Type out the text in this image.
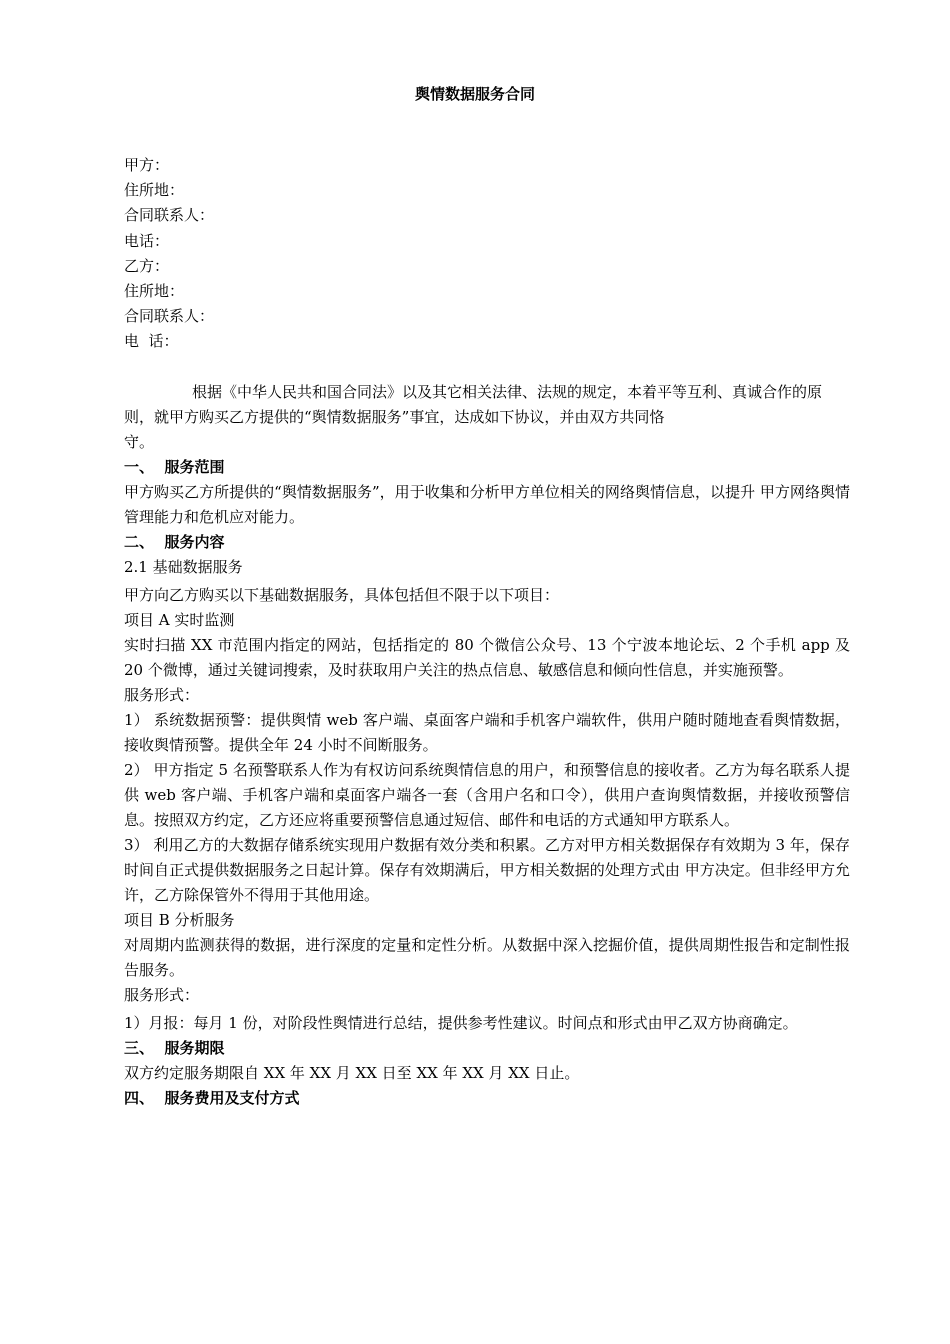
舆情数据服务合同

甲方：

住所地：

合同联系人：

电话：

乙方：

住所地：

合同联系人：

电  话：

根据《中华人民共和国合同法》以及其它相关法律、法规的规定，本着平等互利、真诚合作的原则，就甲方购买乙方提供的“舆情数据服务”事宜，达成如下协议，并由双方共同恪

守。

一、  服务范围

甲方购买乙方所提供的“舆情数据服务”，用于收集和分析甲方单位相关的网络舆情信息，以提升 甲方网络舆情管理能力和危机应对能力。

二、  服务内容

2.1 基础数据服务

甲方向乙方购买以下基础数据服务，具体包括但不限于以下项目：

项目 A 实时监测

实时扫描 XX 市范围内指定的网站，包括指定的 80 个微信公众号、13 个宁波本地论坛、2 个手机 app 及 20 个微博，通过关键词搜索，及时获取用户关注的热点信息、敏感信息和倾向性信息，并实施预警。

服务形式：

1） 系统数据预警：提供舆情 web 客户端、桌面客户端和手机客户端软件，供用户随时随地查看舆情数据，接收舆情预警。提供全年 24 小时不间断服务。

2） 甲方指定 5 名预警联系人作为有权访问系统舆情信息的用户，和预警信息的接收者。乙方为每名联系人提供 web 客户端、手机客户端和桌面客户端各一套（含用户名和口令），供用户查询舆情数据，并接收预警信息。按照双方约定，乙方还应将重要预警信息通过短信、邮件和电话的方式通知甲方联系人。

3） 利用乙方的大数据存储系统实现用户数据有效分类和积累。乙方对甲方相关数据保存有效期为 3 年，保存时间自正式提供数据服务之日起计算。保存有效期满后，甲方相关数据的处理方式由 甲方决定。但非经甲方允许，乙方除保管外不得用于其他用途。

项目 B 分析服务

对周期内监测获得的数据，进行深度的定量和定性分析。从数据中深入挖掘价值，提供周期性报告和定制性报告服务。

服务形式：

1）月报：每月 1 份，对阶段性舆情进行总结，提供参考性建议。时间点和形式由甲乙双方协商确定。

三、  服务期限

双方约定服务期限自 XX 年 XX 月 XX 日至 XX 年 XX 月 XX 日止。

四、  服务费用及支付方式
